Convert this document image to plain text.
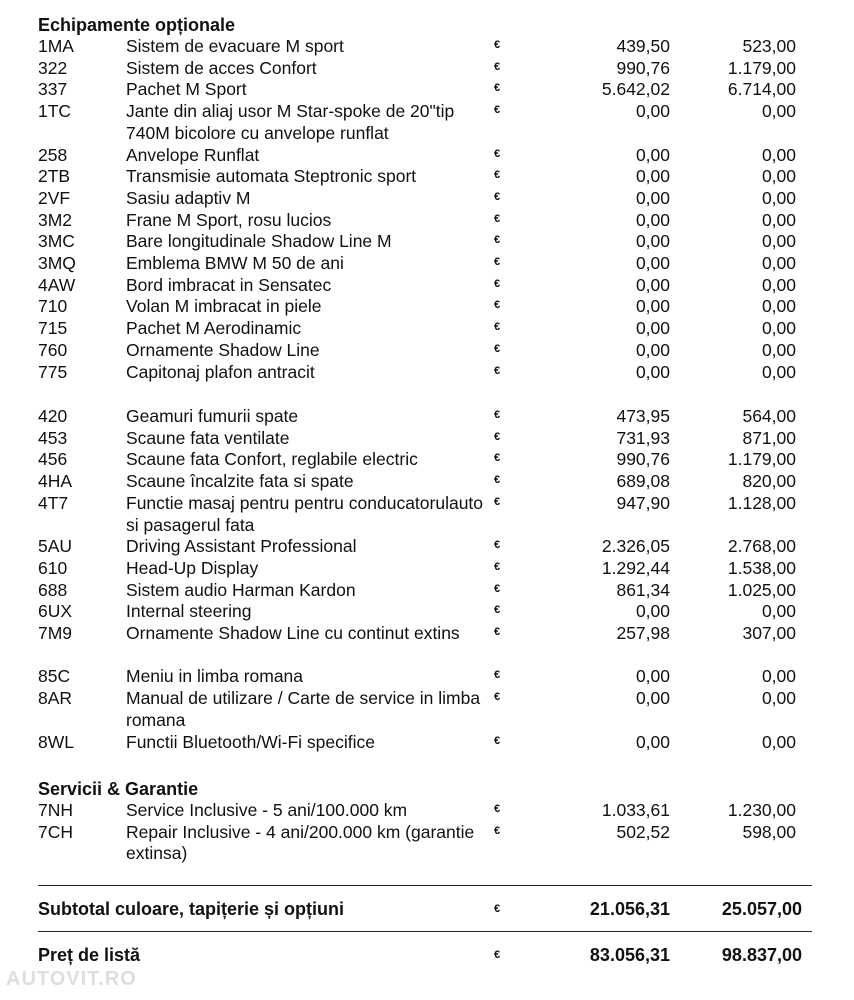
Echipamente opționale
1MA	Sistem de evacuare M sport	€	439,50	523,00
322	Sistem de acces Confort	€	990,76	1.179,00
337	Pachet M Sport	€	5.642,02	6.714,00
1TC	Jante din aliaj usor M Star-spoke de 20"tip 740M bicolore cu anvelope runflat
€	0,00	0,00
258	Anvelope Runflat	€	0,00	0,00
2TB	Transmisie automata Steptronic sport	€	0,00	0,00
2VF	Sasiu adaptiv M	€	0,00	0,00
3M2	Frane M Sport, rosu lucios	€	0,00	0,00
3MC	Bare longitudinale Shadow Line M	€	0,00	0,00
3MQ	Emblema BMW M 50 de ani	€	0,00	0,00
4AW	Bord imbracat in Sensatec	€	0,00	0,00
710	Volan M imbracat in piele	€	0,00	0,00
715	Pachet M Aerodinamic	€	0,00	0,00
760	Ornamente Shadow Line	€	0,00	0,00
775	Capitonaj plafon antracit	€	0,00	0,00
420	Geamuri fumurii spate	€	473,95	564,00
453	Scaune fata ventilate	€	731,93	871,00
456	Scaune fata Confort, reglabile electric	€	990,76	1.179,00
4HA	Scaune încalzite fata si spate	€	689,08	820,00
4T7	Functie masaj pentru pentru conducatorulauto si pasagerul fata
€	947,90	1.128,00
5AU	Driving Assistant Professional	€	2.326,05	2.768,00
610	Head-Up Display	€	1.292,44	1.538,00
688	Sistem audio Harman Kardon	€	861,34	1.025,00
6UX	Internal steering	€	0,00	0,00
7M9	Ornamente Shadow Line cu continut extins	€	257,98	307,00
85C	Meniu in limba romana	€	0,00	0,00
8AR	Manual de utilizare / Carte de service in limba romana
€	0,00	0,00
8WL	Functii Bluetooth/Wi-Fi specifice	€	0,00	0,00
Servicii & Garantie
7NH	Service Inclusive - 5 ani/100.000 km	€	1.033,61	1.230,00
7CH	Repair Inclusive - 4 ani/200.000 km (garantie extinsa)
€	502,52	598,00
Subtotal culoare, tapițerie și opțiuni	€	21.056,31	25.057,00
Preț de listă	€	83.056,31	98.837,00
AUTOVIT.RO
